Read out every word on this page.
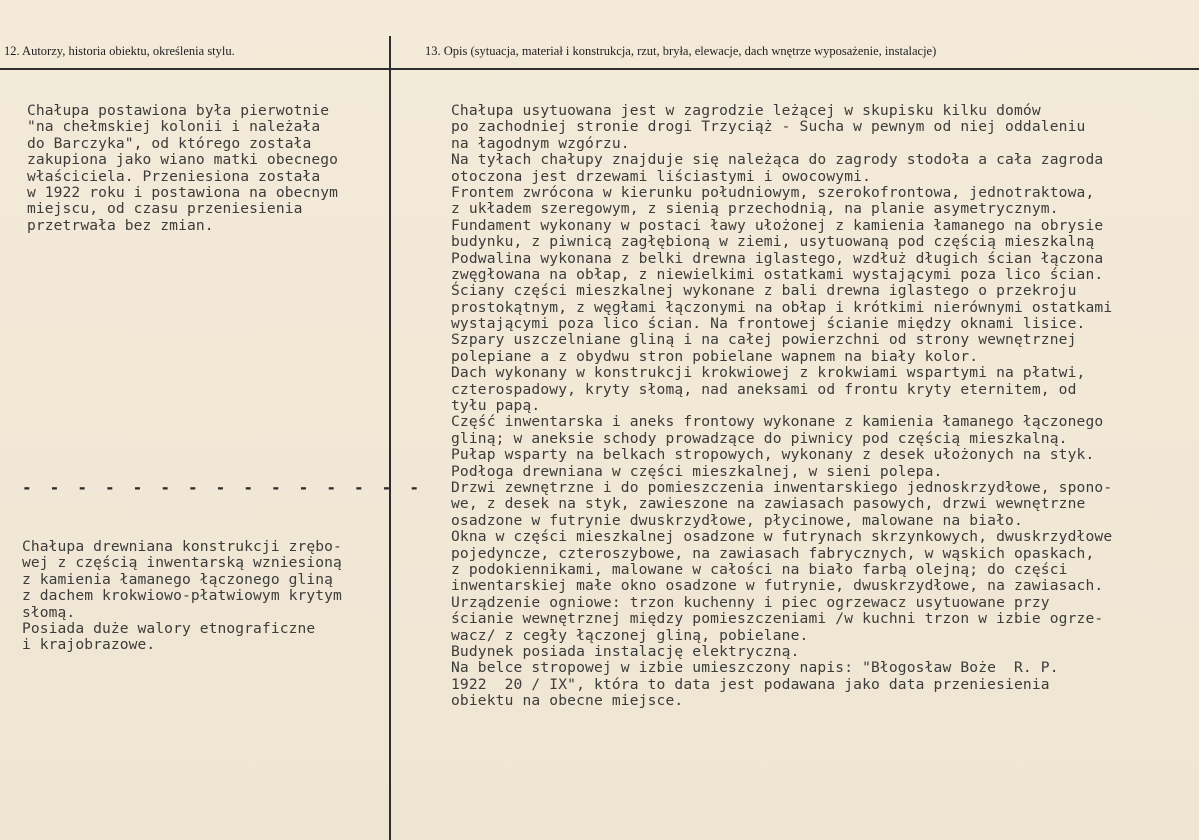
12. Autorzy, historia obiektu, określenia stylu.	13. Opis (sytuacja, materiał i konstrukcja, rzut, bryła, elewacje, dach wnętrze wyposażenie, instalacje)
Chałupa postawiona była pierwotnie
"na chełmskiej kolonii i należała
do Barczyka", od którego została
zakupiona jako wiano matki obecnego
właściciela. Przeniesiona została
w 1922 roku i postawiona na obecnym
miejscu, od czasu przeniesienia
przetrwała bez zmian.
- - - - - - - - - - - - - - -
Chałupa drewniana konstrukcji zrębo-
wej z częścią inwentarską wzniesioną
z kamienia łamanego łączonego gliną
z dachem krokwiowo-płatwiowym krytym
słomą.
Posiada duże walory etnograficzne
i krajobrazowe.
Chałupa usytuowana jest w zagrodzie leżącej w skupisku kilku domów
po zachodniej stronie drogi Trzyciąż - Sucha w pewnym od niej oddaleniu
na łagodnym wzgórzu.
Na tyłach chałupy znajduje się należąca do zagrody stodoła a cała zagroda
otoczona jest drzewami liściastymi i owocowymi.
Frontem zwrócona w kierunku południowym, szerokofrontowa, jednotraktowa,
z układem szeregowym, z sienią przechodnią, na planie asymetrycznym.
Fundament wykonany w postaci ławy ułożonej z kamienia łamanego na obrysie
budynku, z piwnicą zagłębioną w ziemi, usytuowaną pod częścią mieszkalną
Podwalina wykonana z belki drewna iglastego, wzdłuż długich ścian łączona
zwęgłowana na obłap, z niewielkimi ostatkami wystającymi poza lico ścian.
Ściany części mieszkalnej wykonane z bali drewna iglastego o przekroju
prostokątnym, z węgłami łączonymi na obłap i krótkimi nierównymi ostatkami
wystającymi poza lico ścian. Na frontowej ścianie między oknami lisice.
Szpary uszczelniane gliną i na całej powierzchni od strony wewnętrznej
polepiane a z obydwu stron pobielane wapnem na biały kolor.
Dach wykonany w konstrukcji krokwiowej z krokwiami wspartymi na płatwi,
czterospadowy, kryty słomą, nad aneksami od frontu kryty eternitem, od
tyłu papą.
Część inwentarska i aneks frontowy wykonane z kamienia łamanego łączonego
gliną; w aneksie schody prowadzące do piwnicy pod częścią mieszkalną.
Pułap wsparty na belkach stropowych, wykonany z desek ułożonych na styk.
Podłoga drewniana w części mieszkalnej, w sieni polepa.
Drzwi zewnętrzne i do pomieszczenia inwentarskiego jednoskrzydłowe, spono-
we, z desek na styk, zawieszone na zawiasach pasowych, drzwi wewnętrzne
osadzone w futrynie dwuskrzydłowe, płycinowe, malowane na biało.
Okna w części mieszkalnej osadzone w futrynach skrzynkowych, dwuskrzydłowe
pojedyncze, czteroszybowe, na zawiasach fabrycznych, w wąskich opaskach,
z podokiennikami, malowane w całości na biało farbą olejną; do części
inwentarskiej małe okno osadzone w futrynie, dwuskrzydłowe, na zawiasach.
Urządzenie ogniowe: trzon kuchenny i piec ogrzewacz usytuowane przy
ścianie wewnętrznej między pomieszczeniami /w kuchni trzon w izbie ogrze-
wacz/ z cegły łączonej gliną, pobielane.
Budynek posiada instalację elektryczną.
Na belce stropowej w izbie umieszczony napis: "Błogosław Boże  R. P.
1922  20 / IX", która to data jest podawana jako data przeniesienia
obiektu na obecne miejsce.
